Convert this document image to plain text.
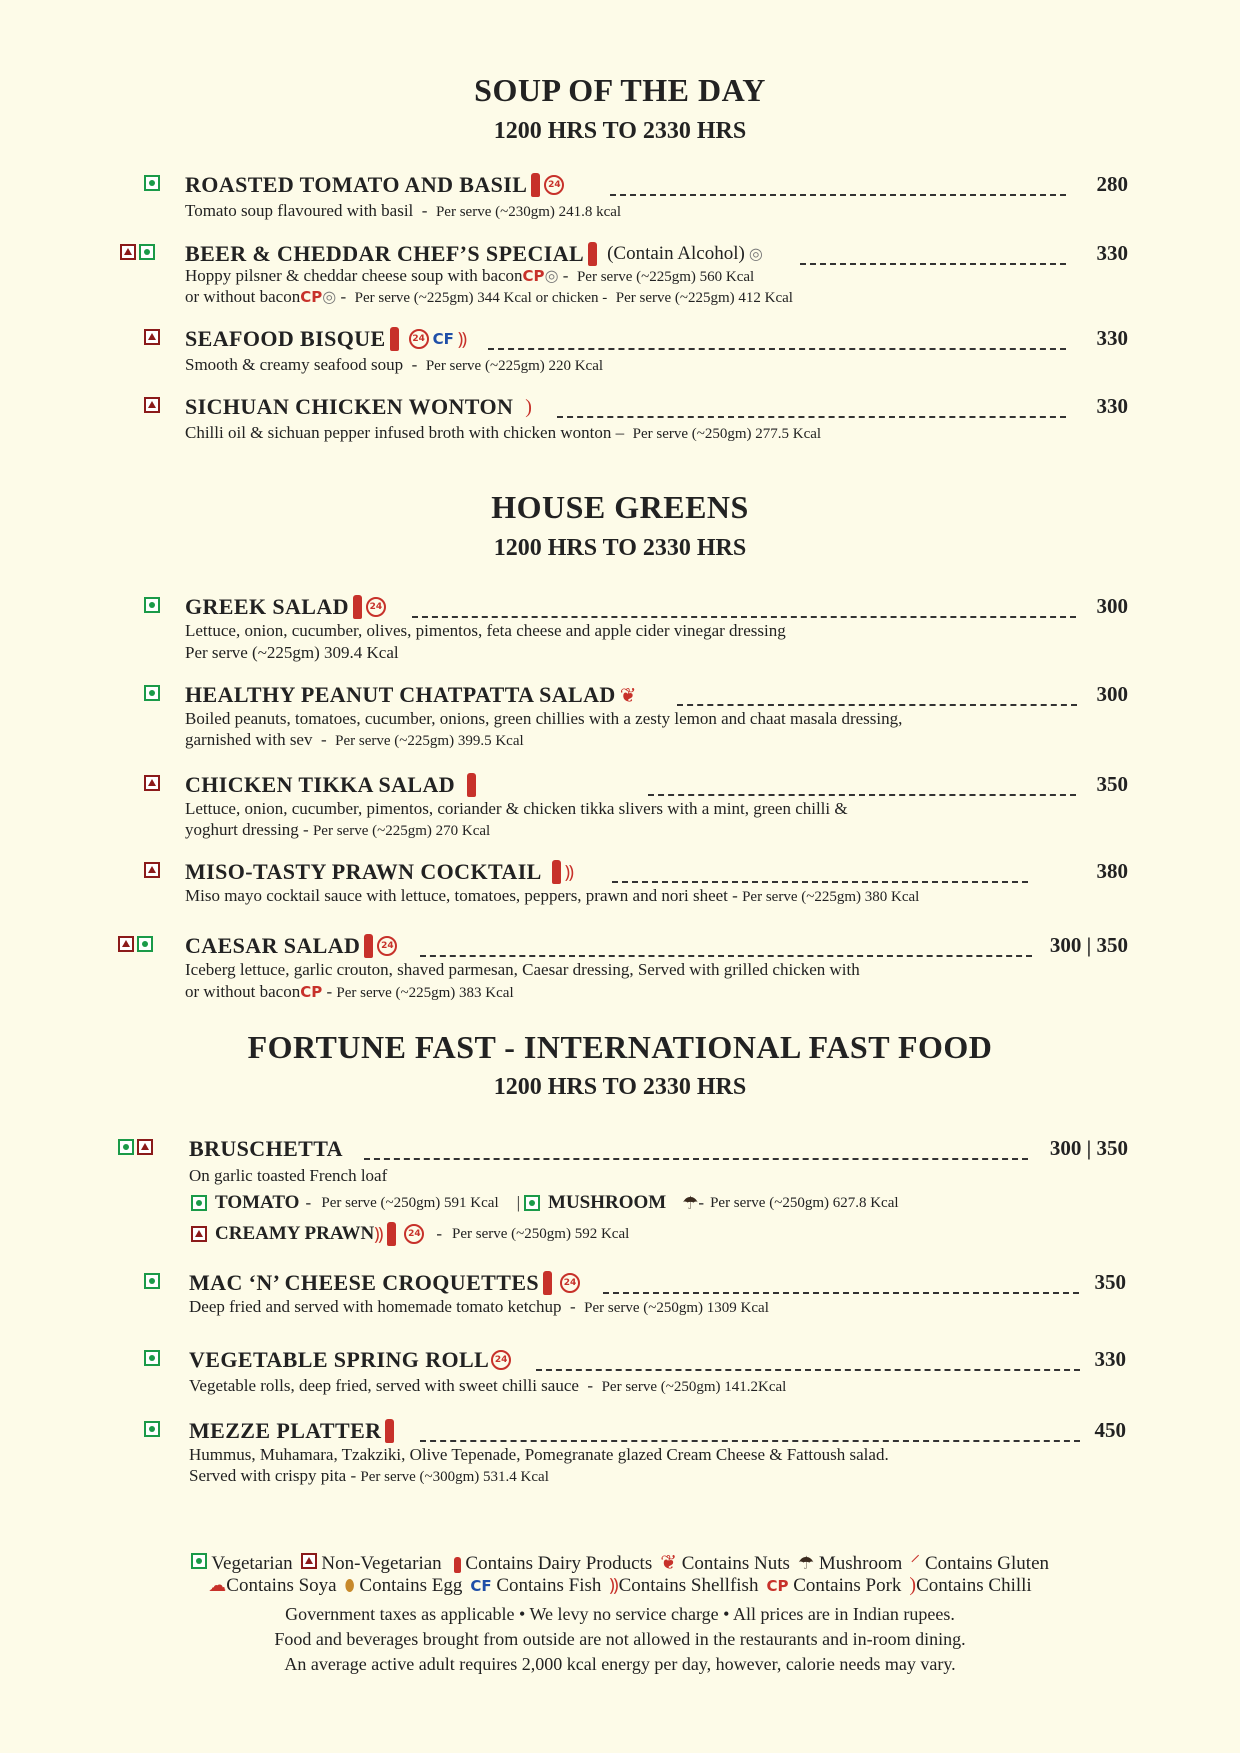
SOUP OF THE DAY
1200 HRS TO 2330 HRS
ROASTED TOMATO AND BASIL	24	280
Tomato soup flavoured with basil  -  Per serve (~230gm) 241.8 kcal
BEER & CHEDDAR CHEF’S SPECIAL (Contain Alcohol) ◎	330
Hoppy pilsner & cheddar cheese soup with baconCP◎ -  Per serve (~225gm) 560 Kcal
or without baconCP◎ -  Per serve (~225gm) 344 Kcal or chicken - Per serve (~225gm) 412 Kcal
SEAFOOD BISQUE	24 CF ⸩	330
Smooth & creamy seafood soup  -  Per serve (~225gm) 220 Kcal
SICHUAN CHICKEN WONTON )	330
Chilli oil & sichuan pepper infused broth with chicken wonton –  Per serve (~250gm) 277.5 Kcal
HOUSE GREENS
1200 HRS TO 2330 HRS
GREEK SALAD	24	300
Lettuce, onion, cucumber, olives, pimentos, feta cheese and apple cider vinegar dressing
Per serve (~225gm) 309.4 Kcal
HEALTHY PEANUT CHATPATTA SALAD ❦	300
Boiled peanuts, tomatoes, cucumber, onions, green chillies with a zesty lemon and chaat masala dressing,
garnished with sev  -  Per serve (~225gm) 399.5 Kcal
CHICKEN TIKKA SALAD	350
Lettuce, onion, cucumber, pimentos, coriander & chicken tikka slivers with a mint, green chilli &
yoghurt dressing - Per serve (~225gm) 270 Kcal
MISO-TASTY PRAWN COCKTAIL ⸩	380
Miso mayo cocktail sauce with lettuce, tomatoes, peppers, prawn and nori sheet - Per serve (~225gm) 380 Kcal
CAESAR SALAD	24	300 | 350
Iceberg lettuce, garlic crouton, shaved parmesan, Caesar dressing, Served with grilled chicken with
or without baconCP - Per serve (~225gm) 383 Kcal
FORTUNE FAST - INTERNATIONAL FAST FOOD
1200 HRS TO 2330 HRS
BRUSCHETTA	300 | 350
On garlic toasted French loaf
TOMATO - Per serve (~250gm) 591 Kcal | MUSHROOM ☂ - Per serve (~250gm) 627.8 Kcal
CREAMY PRAWN ⸩	24 - Per serve (~250gm) 592 Kcal
MAC ‘N’ CHEESE CROQUETTES	24	350
Deep fried and served with homemade tomato ketchup  -  Per serve (~250gm) 1309 Kcal
VEGETABLE SPRING ROLL 24	330
Vegetable rolls, deep fried, served with sweet chilli sauce  -  Per serve (~250gm) 141.2Kcal
MEZZE PLATTER	450
Hummus, Muhamara, Tzakziki, Olive Tepenade, Pomegranate glazed Cream Cheese & Fattoush salad.
Served with crispy pita - Per serve (~300gm) 531.4 Kcal
Vegetarian Non-Vegetarian Contains Dairy Products ❦ Contains Nuts ☂ Mushroom ⸍ Contains Gluten
☁Contains Soya ⬮ Contains Egg CF Contains Fish ⸩Contains Shellfish CP Contains Pork )Contains Chilli
Government taxes as applicable • We levy no service charge • All prices are in Indian rupees.
Food and beverages brought from outside are not allowed in the restaurants and in-room dining.
An average active adult requires 2,000 kcal energy per day, however, calorie needs may vary.
